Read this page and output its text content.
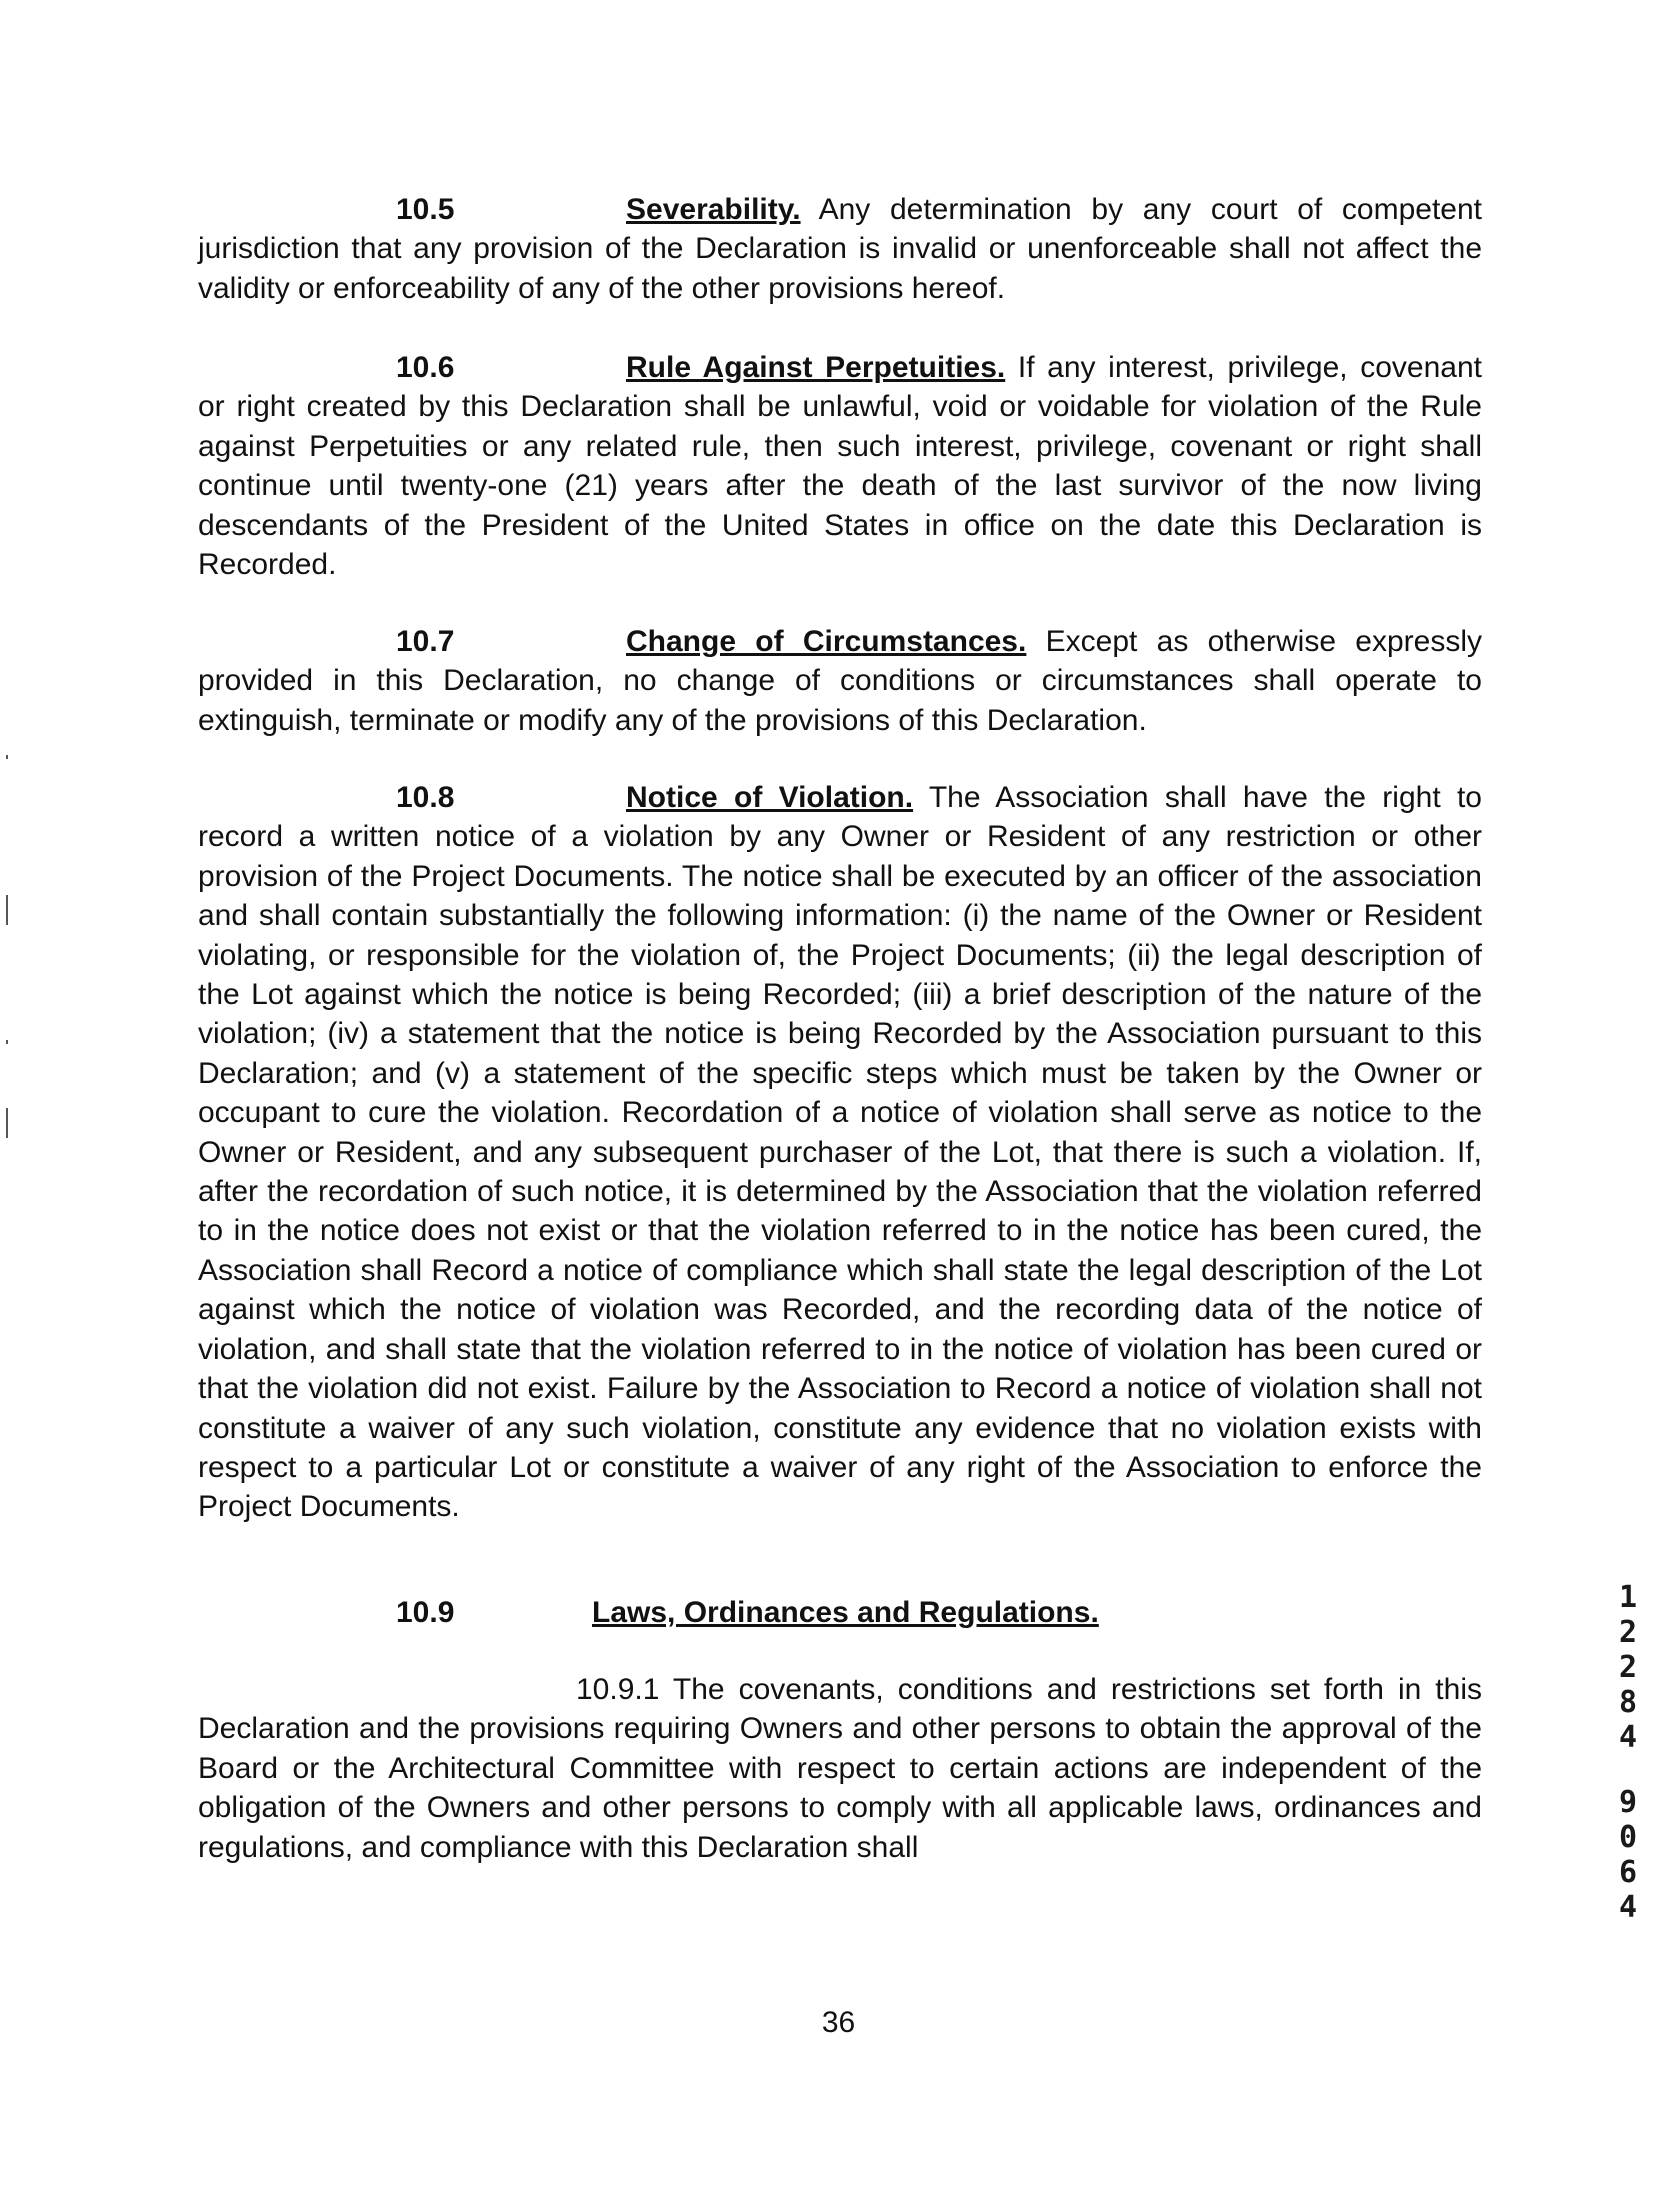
10.5	Severability. Any determination by any court of competent jurisdiction that any provision of the Declaration is invalid or unenforceable shall not affect the validity or enforceability of any of the other provisions hereof.

10.6	Rule Against Perpetuities. If any interest, privilege, covenant or right created by this Declaration shall be unlawful, void or voidable for violation of the Rule against Perpetuities or any related rule, then such interest, privilege, covenant or right shall continue until twenty-one (21) years after the death of the last survivor of the now living descendants of the President of the United States in office on the date this Declaration is Recorded.

10.7	Change of Circumstances. Except as otherwise expressly provided in this Declaration, no change of conditions or circumstances shall operate to extinguish, terminate or modify any of the provisions of this Declaration.

10.8	Notice of Violation. The Association shall have the right to record a written notice of a violation by any Owner or Resident of any restriction or other provision of the Project Documents. The notice shall be executed by an officer of the association and shall contain substantially the following information: (i) the name of the Owner or Resident violating, or responsible for the violation of, the Project Documents; (ii) the legal description of the Lot against which the notice is being Recorded; (iii) a brief description of the nature of the violation; (iv) a statement that the notice is being Recorded by the Association pursuant to this Declaration; and (v) a statement of the specific steps which must be taken by the Owner or occupant to cure the violation. Recordation of a notice of violation shall serve as notice to the Owner or Resident, and any subsequent purchaser of the Lot, that there is such a violation. If, after the recordation of such notice, it is determined by the Association that the violation referred to in the notice does not exist or that the violation referred to in the notice has been cured, the Association shall Record a notice of compliance which shall state the legal description of the Lot against which the notice of violation was Recorded, and the recording data of the notice of violation, and shall state that the violation referred to in the notice of violation has been cured or that the violation did not exist. Failure by the Association to Record a notice of violation shall not constitute a waiver of any such violation, constitute any evidence that no violation exists with respect to a particular Lot or constitute a waiver of any right of the Association to enforce the Project Documents.

10.9	Laws, Ordinances and Regulations.

10.9.1 The covenants, conditions and restrictions set forth in this Declaration and the provisions requiring Owners and other persons to obtain the approval of the Board or the Architectural Committee with respect to certain actions are independent of the obligation of the Owners and other persons to comply with all applicable laws, ordinances and regulations, and compliance with this Declaration shall

36
1
2
2
8
4
9
0
6
4
